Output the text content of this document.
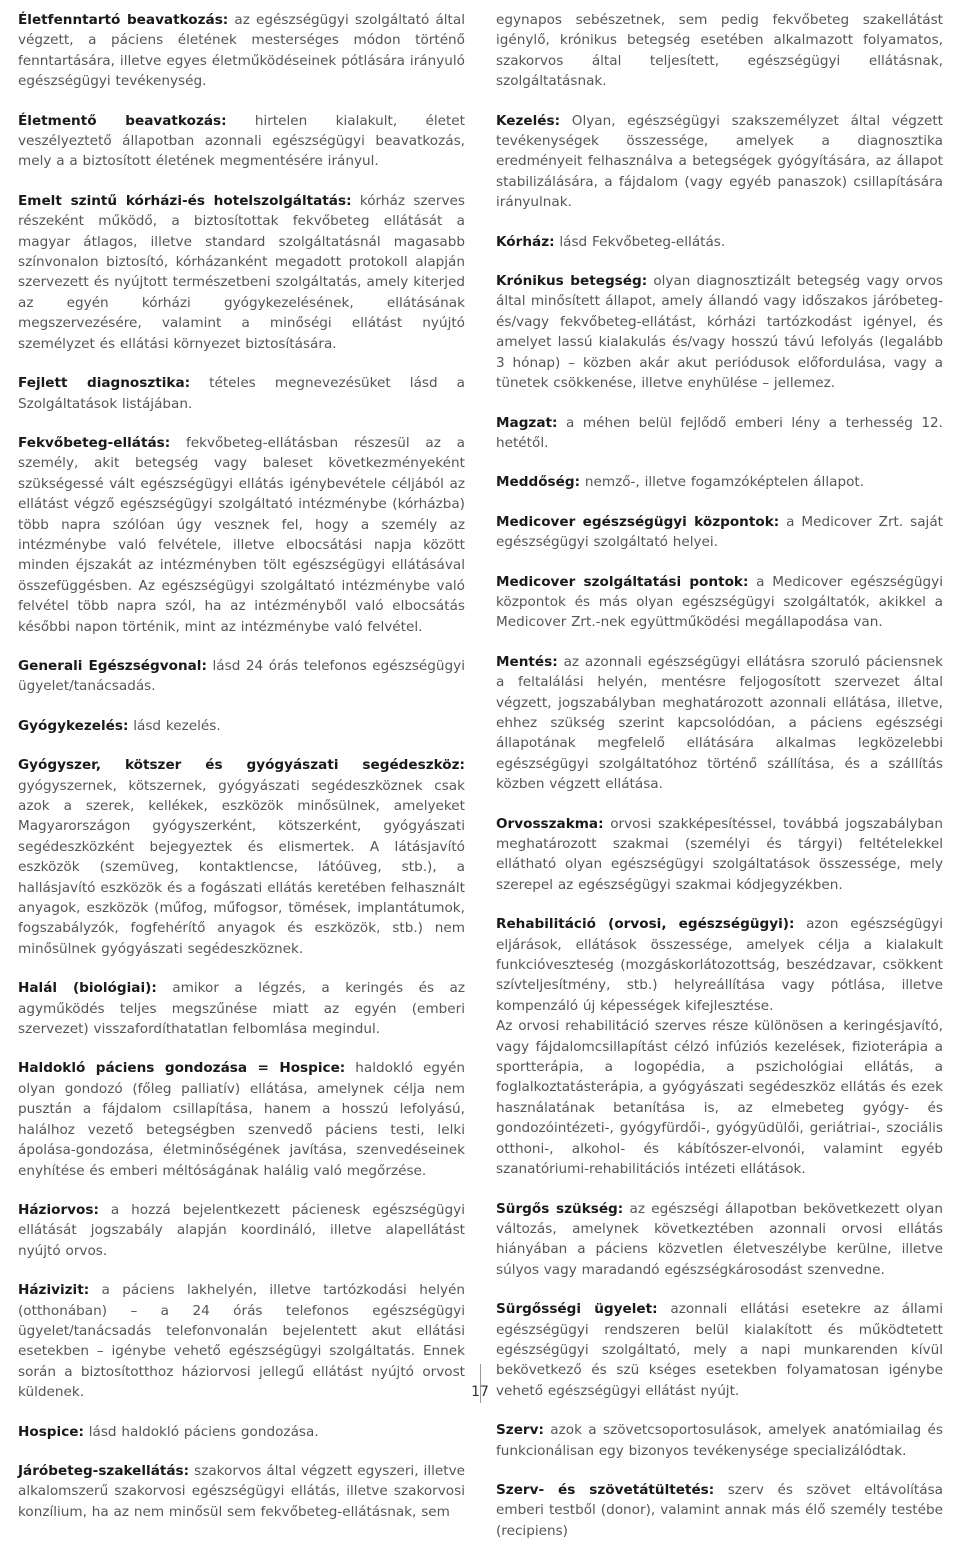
Életfenntartó beavatkozás: az egészségügyi szolgáltató által végzett, a páciens életének mesterséges módon történő fenntartására, illetve egyes életműködéseinek pótlására irányuló egészségügyi tevékenység.

Életmentő beavatkozás: hirtelen kialakult, életet veszélyeztető állapotban azonnali egészségügyi beavatkozás, mely a a biztosított életének megmentésére irányul.

Emelt szintű kórházi-és hotelszolgáltatás: kórház szerves részeként működő, a biztosítottak fekvőbeteg ellátását a magyar átlagos, illetve standard szolgáltatásnál magasabb színvonalon biztosító, kórházanként megadott protokoll alapján szervezett és nyújtott természetbeni szolgáltatás, amely kiterjed az egyén kórházi gyógykezelésének, ellátásának megszervezésére, valamint a minőségi ellátást nyújtó személyzet és ellátási környezet biztosítására.

Fejlett diagnosztika: tételes megnevezésüket lásd a Szolgáltatások listájában.

Fekvőbeteg-ellátás: fekvőbeteg-ellátásban részesül az a személy, akit betegség vagy baleset következményeként szükségessé vált egészségügyi ellátás igénybevétele céljából az ellátást végző egészségügyi szolgáltató intézménybe (kórházba) több napra szólóan úgy vesznek fel, hogy a személy az intézménybe való felvétele, illetve elbocsátási napja között minden éjszakát az intézményben tölt egészségügyi ellátásával összefüggésben. Az egészségügyi szolgáltató intézménybe való felvétel több napra szól, ha az intézményből való elbocsátás későbbi napon történik, mint az intézménybe való felvétel.

Generali Egészségvonal: lásd 24 órás telefonos egészségügyi ügyelet/tanácsadás.

Gyógykezelés: lásd kezelés.

Gyógyszer, kötszer és gyógyászati segédeszköz: gyógyszernek, kötszernek, gyógyászati segédeszköznek csak azok a szerek, kellékek, eszközök minősülnek, amelyeket Magyarországon gyógyszerként, kötszerként, gyógyászati segédeszközként bejegyeztek és elismertek. A látásjavító eszközök (szemüveg, kontaktlencse, látóüveg, stb.), a hallásjavító eszközök és a fogászati ellátás keretében felhasznált anyagok, eszközök (műfog, műfogsor, tömések, implantátumok, fogszabályzók, fogfehérítő anyagok és eszközök, stb.) nem minősülnek gyógyászati segédeszköznek.

Halál (biológiai): amikor a légzés, a keringés és az agyműködés teljes megszűnése miatt az egyén (emberi szervezet) visszafordíthatatlan felbomlása megindul.

Haldokló páciens gondozása = Hospice: haldokló egyén olyan gondozó (főleg palliatív) ellátása, amelynek célja nem pusztán a fájdalom csillapítása, hanem a hosszú lefolyású, halálhoz vezető betegségben szenvedő páciens testi, lelki ápolása-gondozása, életminőségének javítása, szenvedéseinek enyhítése és emberi méltóságának halálig való megőrzése.

Háziorvos: a hozzá bejelentkezett pácienesk egészségügyi ellátását jogszabály alapján koordináló, illetve alapellátást nyújtó orvos.

Házivizit: a páciens lakhelyén, illetve tartózkodási helyén (otthonában) – a 24 órás telefonos egészségügyi ügyelet/tanácsadás telefonvonalán bejelentett akut ellátási esetekben – igénybe vehető egészségügyi szolgáltatás. Ennek során a biztosítotthoz háziorvosi jellegű ellátást nyújtó orvost küldenek.

Hospice: lásd haldokló páciens gondozása.

Járóbeteg-szakellátás: szakorvos által végzett egyszeri, illetve alkalomszerű szakorvosi egészségügyi ellátás, illetve szakorvosi konzílium, ha az nem minősül sem fekvőbeteg-ellátásnak, sem

egynapos sebészetnek, sem pedig fekvőbeteg szakellátást igénylő, krónikus betegség esetében alkalmazott folyamatos, szakorvos által teljesített, egészségügyi ellátásnak, szolgáltatásnak.

Kezelés: Olyan, egészségügyi szakszemélyzet által végzett tevékenységek összessége, amelyek a diagnosztika eredményeit felhasználva a betegségek gyógyítására, az állapot stabilizálására, a fájdalom (vagy egyéb panaszok) csillapítására irányulnak.

Kórház: lásd Fekvőbeteg-ellátás.

Krónikus betegség: olyan diagnosztizált betegség vagy orvos által minősített állapot, amely állandó vagy időszakos járóbeteg-és/vagy fekvőbeteg-ellátást, kórházi tartózkodást igényel, és amelyet lassú kialakulás és/vagy hosszú távú lefolyás (legalább 3 hónap) – közben akár akut periódusok előfordulása, vagy a tünetek csökkenése, illetve enyhülése – jellemez.

Magzat: a méhen belül fejlődő emberi lény a terhesség 12. hetétől.

Meddőség: nemző-, illetve fogamzóképtelen állapot.

Medicover egészségügyi központok: a Medicover Zrt. saját egészségügyi szolgáltató helyei.

Medicover szolgáltatási pontok: a Medicover egészségügyi központok és más olyan egészségügyi szolgáltatók, akikkel a Medicover Zrt.-nek együttműködési megállapodása van.

Mentés: az azonnali egészségügyi ellátásra szoruló páciensnek a feltalálási helyén, mentésre feljogosított szervezet által végzett, jogszabályban meghatározott azonnali ellátása, illetve, ehhez szükség szerint kapcsolódóan, a páciens egészségi állapotának megfelelő ellátására alkalmas legközelebbi egészségügyi szolgáltatóhoz történő szállítása, és a szállítás közben végzett ellátása.

Orvosszakma: orvosi szakképesítéssel, továbbá jogszabályban meghatározott szakmai (személyi és tárgyi) feltételekkel ellátható olyan egészségügyi szolgáltatások összessége, mely szerepel az egészségügyi szakmai kódjegyzékben.

Rehabilitáció (orvosi, egészségügyi): azon egészségügyi eljárások, ellátások összessége, amelyek célja a kialakult funkcióveszteség (mozgáskorlátozottság, beszédzavar, csökkent szívteljesítmény, stb.) helyreállítása vagy pótlása, illetve kompenzáló új képességek kifejlesztése.
Az orvosi rehabilitáció szerves része különösen a keringésjavító, vagy fájdalomcsillapítást célzó infúziós kezelések, fizioterápia a sportterápia, a logopédia, a pszichológiai ellátás, a foglalkoztatásterápia, a gyógyászati segédeszköz ellátás és ezek használatának betanítása is, az elmebeteg gyógy- és gondozóintézeti-, gyógyfürdői-, gyógyüdülői, geriátriai-, szociális otthoni-, alkohol- és kábítószer-elvonói, valamint egyéb szanatóriumi-rehabilitációs intézeti ellátások.

Sürgős szükség: az egészségi állapotban bekövetkezett olyan változás, amelynek következtében azonnali orvosi ellátás hiányában a páciens közvetlen életveszélybe kerülne, illetve súlyos vagy maradandó egészségkárosodást szenvedne.

Sürgősségi ügyelet: azonnali ellátási esetekre az állami egészségügyi rendszeren belül kialakított és működtetett egészségügyi szolgáltató, mely a napi munkarenden kívül bekövetkező és szü kséges esetekben folyamatosan igénybe vehető egészségügyi ellátást nyújt.

Szerv: azok a szövetcsoportosulások, amelyek anatómiailag és funkcionálisan egy bizonyos tevékenysége specializálódtak.

Szerv- és szövetátültetés: szerv és szövet eltávolítása emberi testből (donor), valamint annak más élő személy testébe (recipiens)

17
